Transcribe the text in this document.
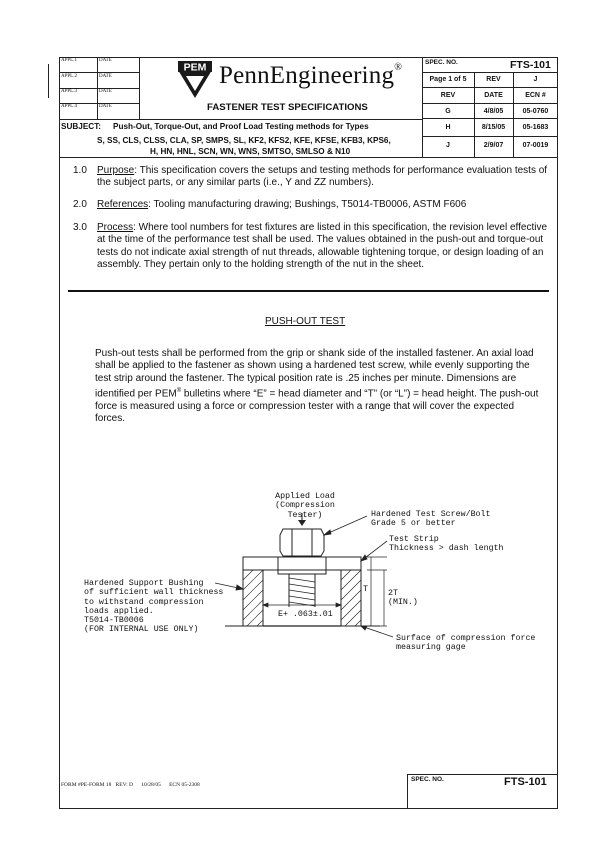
APPL.1	DATE
APPL.2	DATE
APPL.3	DATE
APPL.4	DATE
PEM PennEngineering®
FASTENER TEST SPECIFICATIONS
SPEC. NO.	FTS-101
Page 1 of 5	REV	J
REV	DATE	ECN #
G	4/8/05	05-0760
H	8/15/05	05-1683
J	2/9/07	07-0019
SUBJECT: Push-Out, Torque-Out, and Proof Load Testing methods for Types
S, SS, CLS, CLSS, CLA, SP, SMPS, SL, KF2, KFS2, KFE, KFSE, KFB3, KPS6,
H, HN, HNL, SCN, WN, WNS, SMTSO, SMLSO & N10
1.0 Purpose: This specification covers the setups and testing methods for performance evaluation tests of the subject parts, or any similar parts (i.e., Y and ZZ numbers).
2.0 References: Tooling manufacturing drawing; Bushings, T5014-TB0006, ASTM F606
3.0 Process: Where tool numbers for test fixtures are listed in this specification, the revision level effective at the time of the performance test shall be used. The values obtained in the push-out and torque-out tests do not indicate axial strength of nut threads, allowable tightening torque, or design loading of an assembly. They pertain only to the holding strength of the nut in the sheet.
PUSH-OUT TEST
Push-out tests shall be performed from the grip or shank side of the installed fastener. An axial load shall be applied to the fastener as shown using a hardened test screw, while evenly supporting the test strip around the fastener. The typical position rate is .25 inches per minute. Dimensions are identified per PEM® bulletins where “E” = head diameter and “T” (or “L”) = head height. The push-out force is measured using a force or compression tester with a range that will cover the expected forces.
Applied Load
(Compression Tester)	Hardened Test Screw/Bolt
Grade 5 or better
Test Strip
Thickness > dash length
Hardened Support Bushing
of sufficient wall thickness
to withstand compression
loads applied.
T5014-TB0006
(FOR INTERNAL USE ONLY)
T 2T
(MIN.)
E+ .063±.01
Surface of compression force
measuring gage
SPEC. NO.	FTS-101
FORM #PE-FORM 18   REV: D      10/28/05      ECN 05-2308
